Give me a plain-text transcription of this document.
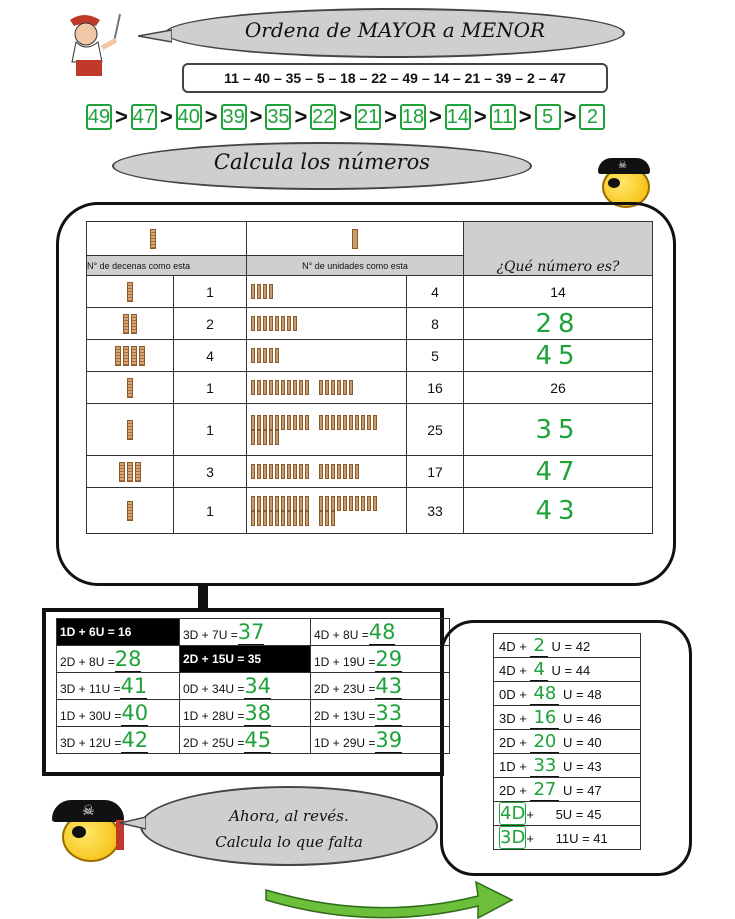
Ordena de MAYOR a MENOR
11 – 40 – 35 – 5 – 18 – 22 – 49 – 14 – 21 – 39 – 2 – 47
49 > 47 > 40 > 39 > 35 > 22 > 21 > 18 > 14 > 11 > 5 > 2
Calcula los números	☠
				¿Qué número es?
N° de decenas como esta		N° de unidades como esta		
	1		4	14
	2		8	28
	4		5	45
	1		16	26
	1		25	35
	3		17	47
	1		33	43
1D + 6U = 16	3D + 7U =37	4D + 8U =48
2D + 8U =28	2D + 15U = 35	1D + 19U =29
3D + 11U =41	0D + 34U =34	2D + 23U =43
1D + 30U =40	1D + 28U =38	2D + 13U =33
3D + 12U =42	2D + 25U =45	1D + 29U =39
4D + 2 U = 42
4D + 4 U = 44
0D + 48 U = 48
3D + 16 U = 46
2D + 20 U = 40
1D + 33 U = 43
2D + 27 U = 47
4D+ 5U = 45
3D+ 11U = 41
☠	Ahora, al revés.
Calcula lo que falta
